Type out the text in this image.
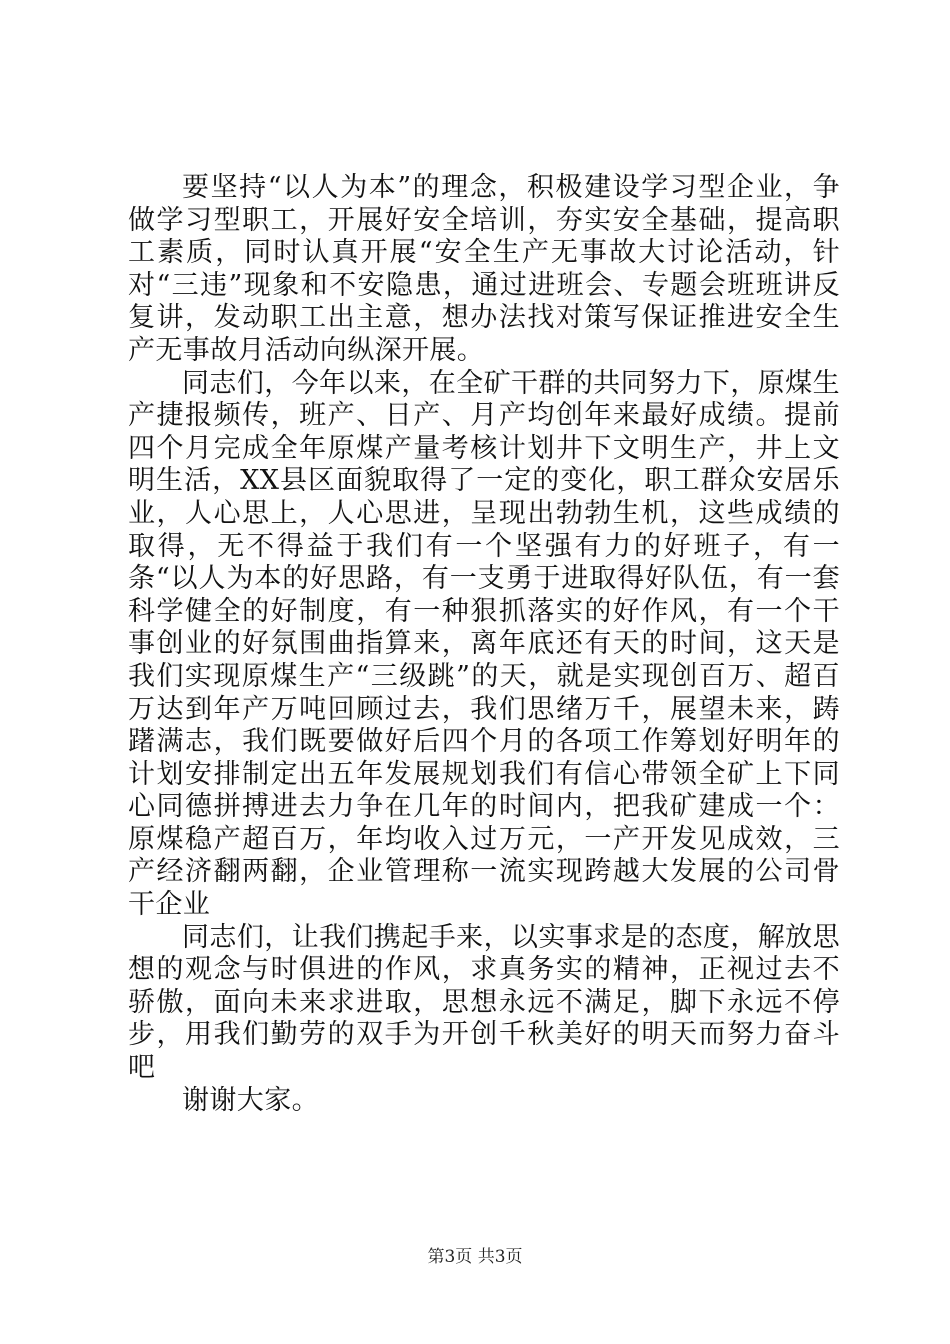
要坚持“以人为本”的理念，积极建设学习型企业，争做学习型职工，开展好安全培训，夯实安全基础，提高职工素质，同时认真开展“安全生产无事故大讨论活动，针对“三违”现象和不安隐患，通过进班会、专题会班班讲反复讲，发动职工出主意，想办法找对策写保证推进安全生产无事故月活动向纵深开展。

同志们，今年以来，在全矿干群的共同努力下，原煤生产捷报频传，班产、日产、月产均创年来最好成绩。提前四个月完成全年原煤产量考核计划井下文明生产，井上文明生活，XX县区面貌取得了一定的变化，职工群众安居乐业，人心思上，人心思进，呈现出勃勃生机，这些成绩的取得，无不得益于我们有一个坚强有力的好班子，有一条“以人为本的好思路，有一支勇于进取得好队伍，有一套科学健全的好制度，有一种狠抓落实的好作风，有一个干事创业的好氛围曲指算来，离年底还有天的时间，这天是我们实现原煤生产“三级跳”的天，就是实现创百万、超百万达到年产万吨回顾过去，我们思绪万千，展望未来，踌躇满志，我们既要做好后四个月的各项工作筹划好明年的计划安排制定出五年发展规划我们有信心带领全矿上下同心同德拼搏进去力争在几年的时间内，把我矿建成一个：原煤稳产超百万，年均收入过万元，一产开发见成效，三产经济翻两翻，企业管理称一流实现跨越大发展的公司骨干企业

同志们，让我们携起手来，以实事求是的态度，解放思想的观念与时俱进的作风，求真务实的精神，正视过去不骄傲，面向未来求进取，思想永远不满足，脚下永远不停步，用我们勤劳的双手为开创千秋美好的明天而努力奋斗吧

谢谢大家。

第3页 共3页
